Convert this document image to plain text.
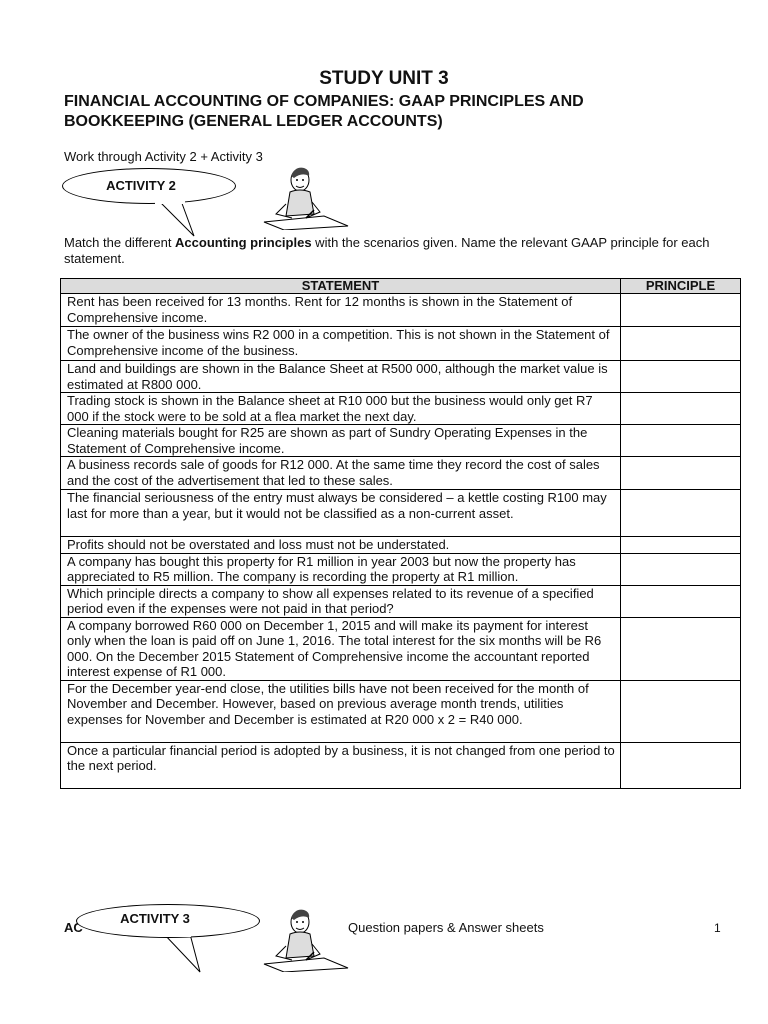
STUDY UNIT 3
FINANCIAL ACCOUNTING OF COMPANIES: GAAP PRINCIPLES AND BOOKKEEPING (GENERAL LEDGER ACCOUNTS)
Work through Activity 2 + Activity 3
ACTIVITY 2
Match the different Accounting principles with the scenarios given. Name the relevant GAAP principle for each statement.
STATEMENT	PRINCIPLE
Rent has been received for 13 months. Rent for 12 months is shown in the Statement of Comprehensive income.	
The owner of the business wins R2 000 in a competition. This is not shown in the Statement of Comprehensive income of the business.	
Land and buildings are shown in the Balance Sheet at R500 000, although the market value is estimated at R800 000.	
Trading stock is shown in the Balance sheet at R10 000 but the business would only get R7 000 if the stock were to be sold at a flea market the next day.	
Cleaning materials bought for R25 are shown as part of Sundry Operating Expenses in the Statement of Comprehensive income.	
A business records sale of goods for R12 000. At the same time they record the cost of sales and the cost of the advertisement that led to these sales.	
The financial seriousness of the entry must always be considered – a kettle costing R100 may last for more than a year, but it would not be classified as a non-current asset.	
Profits should not be overstated and loss must not be understated.	
A company has bought this property for R1 million in year 2003 but now the property has appreciated to R5 million. The company is recording the property at R1 million.	
Which principle directs a company to show all expenses related to its revenue of a specified period even if the expenses were not paid in that period?	
A company borrowed R60 000 on December 1, 2015 and will make its payment for interest only when the loan is paid off on June 1, 2016. The total interest for the six months will be R6 000. On the December 2015 Statement of Comprehensive income the accountant reported interest expense of R1 000.	
For the December year-end close, the utilities bills have not been received for the month of November and December. However, based on previous average month trends, utilities expenses for November and December is estimated at R20 000 x 2 = R40 000.	
Once a particular financial period is adopted by a business, it is not changed from one period to the next period.	
AC	Question papers & Answer sheets	1
ACTIVITY 3
